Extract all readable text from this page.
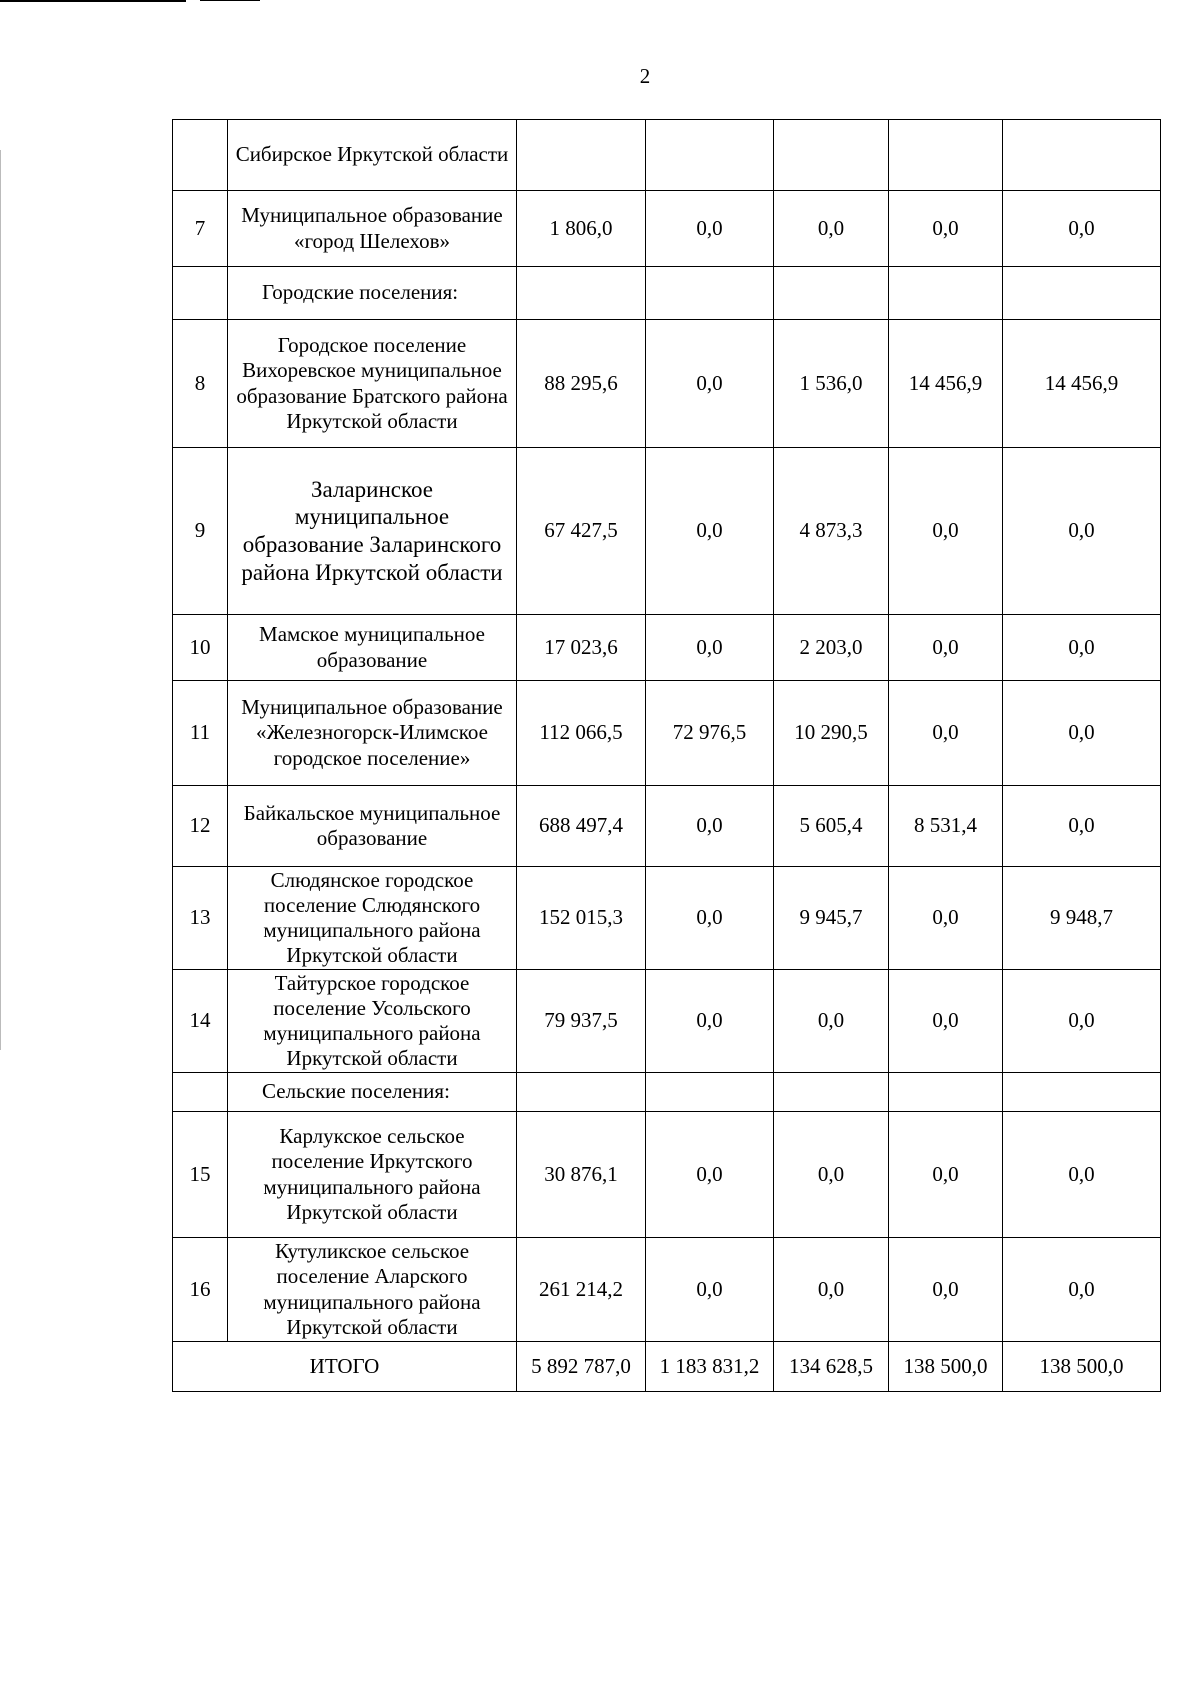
2
	Сибирское Иркутской области					
7	Муниципальное образование «город Шелехов»	1 806,0	0,0	0,0	0,0	0,0
	Городские поселения:					
8	Городское поселение Вихоревское муниципальное образование Братского района Иркутской области	88 295,6	0,0	1 536,0	14 456,9	14 456,9
9	Заларинское муниципальное образование Заларинского района Иркутской области	67 427,5	0,0	4 873,3	0,0	0,0
10	Мамское муниципальное образование	17 023,6	0,0	2 203,0	0,0	0,0
11	Муниципальное образование «Железногорск-Илимское городское поселение»	112 066,5	72 976,5	10 290,5	0,0	0,0
12	Байкальское муниципальное образование	688 497,4	0,0	5 605,4	8 531,4	0,0
13	Слюдянское городское поселение Слюдянского муниципального района Иркутской области	152 015,3	0,0	9 945,7	0,0	9 948,7
14	Тайтурское городское поселение Усольского муниципального района Иркутской области	79 937,5	0,0	0,0	0,0	0,0
	Сельские поселения:					
15	Карлукское сельское поселение Иркутского муниципального района Иркутской области	30 876,1	0,0	0,0	0,0	0,0
16	Кутуликское сельское поселение Аларского муниципального района Иркутской области	261 214,2	0,0	0,0	0,0	0,0
ИТОГО		5 892 787,0	1 183 831,2	134 628,5	138 500,0	138 500,0
